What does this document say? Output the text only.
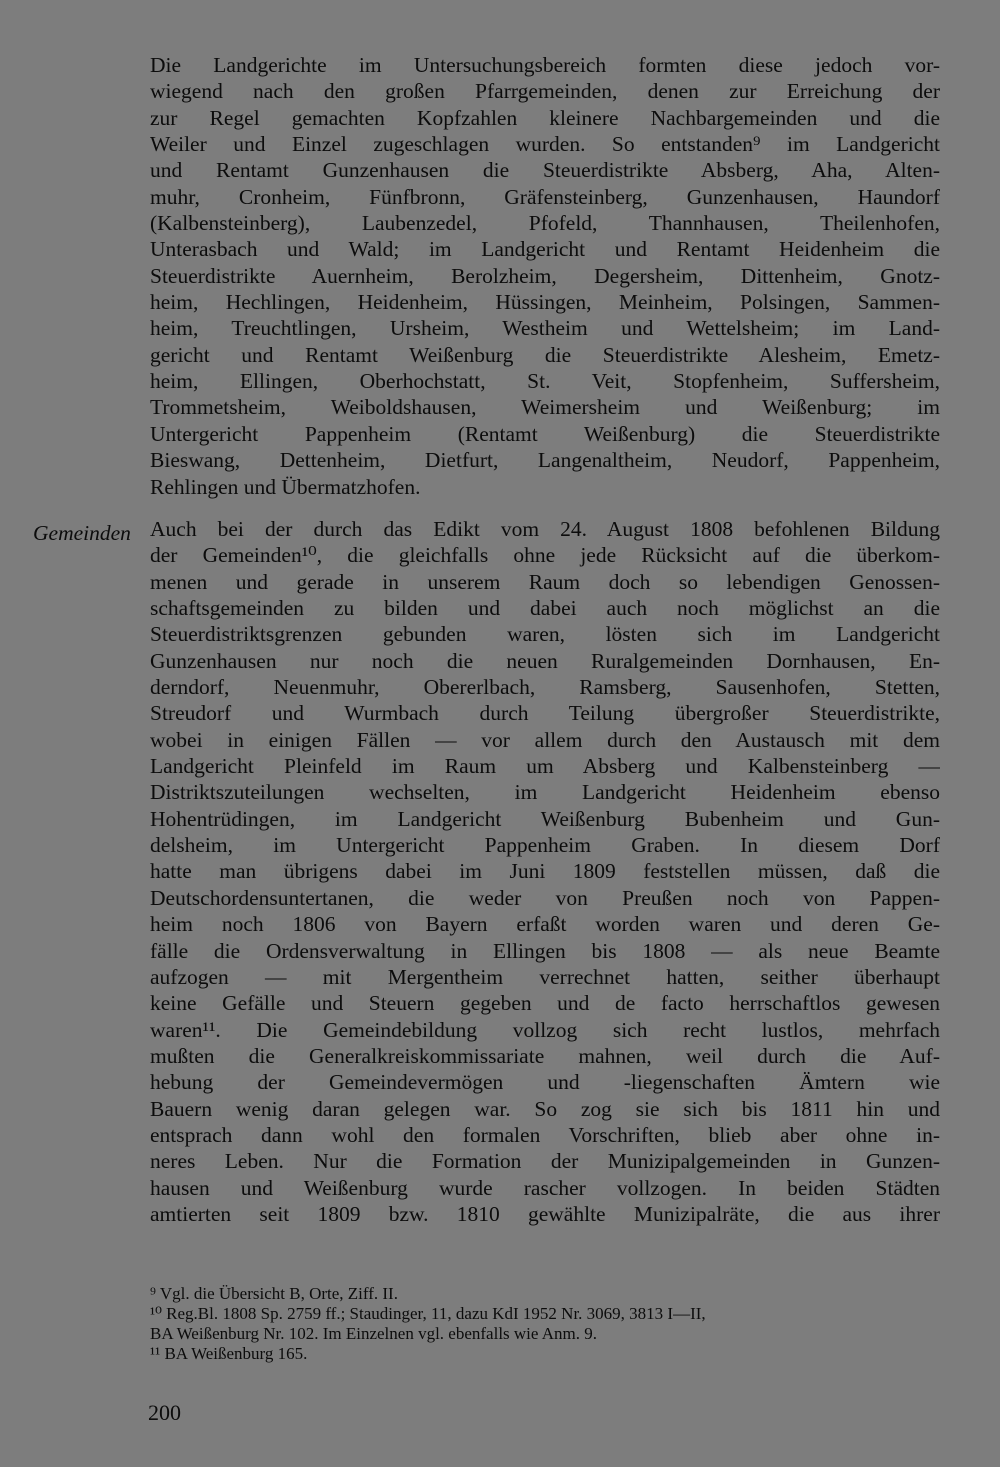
Gemeinden
Die Landgerichte im Untersuchungsbereich formten diese jedoch vor-
wiegend nach den großen Pfarrgemeinden, denen zur Erreichung der
zur Regel gemachten Kopfzahlen kleinere Nachbargemeinden und die
Weiler und Einzel zugeschlagen wurden. So entstanden⁹ im Landgericht
und Rentamt Gunzenhausen die Steuerdistrikte Absberg, Aha, Alten-
muhr, Cronheim, Fünfbronn, Gräfensteinberg, Gunzenhausen, Haundorf
(Kalbensteinberg), Laubenzedel, Pfofeld, Thannhausen, Theilenhofen,
Unterasbach und Wald; im Landgericht und Rentamt Heidenheim die
Steuerdistrikte Auernheim, Berolzheim, Degersheim, Dittenheim, Gnotz-
heim, Hechlingen, Heidenheim, Hüssingen, Meinheim, Polsingen, Sammen-
heim, Treuchtlingen, Ursheim, Westheim und Wettelsheim; im Land-
gericht und Rentamt Weißenburg die Steuerdistrikte Alesheim, Emetz-
heim, Ellingen, Oberhochstatt, St. Veit, Stopfenheim, Suffersheim,
Trommetsheim, Weiboldshausen, Weimersheim und Weißenburg; im
Untergericht Pappenheim (Rentamt Weißenburg) die Steuerdistrikte
Bieswang, Dettenheim, Dietfurt, Langenaltheim, Neudorf, Pappenheim,
Rehlingen und Übermatzhofen.
Auch bei der durch das Edikt vom 24. August 1808 befohlenen Bildung
der Gemeinden¹⁰, die gleichfalls ohne jede Rücksicht auf die überkom-
menen und gerade in unserem Raum doch so lebendigen Genossen-
schaftsgemeinden zu bilden und dabei auch noch möglichst an die
Steuerdistriktsgrenzen gebunden waren, lösten sich im Landgericht
Gunzenhausen nur noch die neuen Ruralgemeinden Dornhausen, En-
derndorf, Neuenmuhr, Obererlbach, Ramsberg, Sausenhofen, Stetten,
Streudorf und Wurmbach durch Teilung übergroßer Steuerdistrikte,
wobei in einigen Fällen — vor allem durch den Austausch mit dem
Landgericht Pleinfeld im Raum um Absberg und Kalbensteinberg —
Distriktszuteilungen wechselten, im Landgericht Heidenheim ebenso
Hohentrüdingen, im Landgericht Weißenburg Bubenheim und Gun-
delsheim, im Untergericht Pappenheim Graben. In diesem Dorf
hatte man übrigens dabei im Juni 1809 feststellen müssen, daß die
Deutschordensuntertanen, die weder von Preußen noch von Pappen-
heim noch 1806 von Bayern erfaßt worden waren und deren Ge-
fälle die Ordensverwaltung in Ellingen bis 1808 — als neue Beamte
aufzogen — mit Mergentheim verrechnet hatten, seither überhaupt
keine Gefälle und Steuern gegeben und de facto herrschaftlos gewesen
waren¹¹. Die Gemeindebildung vollzog sich recht lustlos, mehrfach
mußten die Generalkreiskommissariate mahnen, weil durch die Auf-
hebung der Gemeindevermögen und -liegenschaften Ämtern wie
Bauern wenig daran gelegen war. So zog sie sich bis 1811 hin und
entsprach dann wohl den formalen Vorschriften, blieb aber ohne in-
neres Leben. Nur die Formation der Munizipalgemeinden in Gunzen-
hausen und Weißenburg wurde rascher vollzogen. In beiden Städten
amtierten seit 1809 bzw. 1810 gewählte Munizipalräte, die aus ihrer
⁹ Vgl. die Übersicht B, Orte, Ziff. II.
¹⁰ Reg.Bl. 1808 Sp. 2759 ff.; Staudinger, 11, dazu KdI 1952 Nr. 3069, 3813 I—II,
BA Weißenburg Nr. 102. Im Einzelnen vgl. ebenfalls wie Anm. 9.
¹¹ BA Weißenburg 165.
200
